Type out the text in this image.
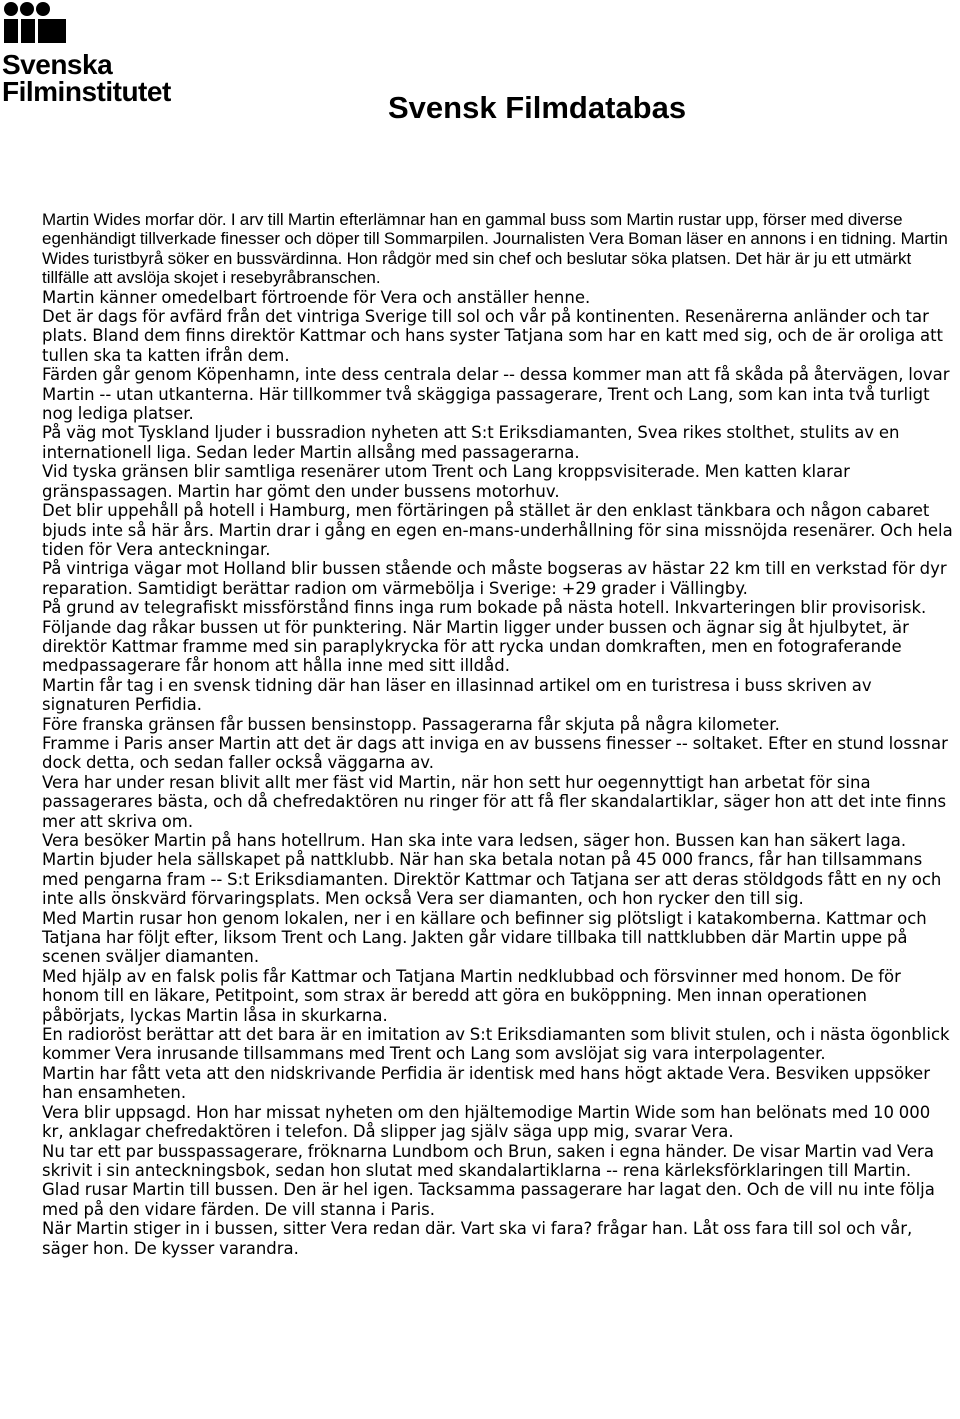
Svenska
Filminstitutet	Svensk Filmdatabas

Martin Wides morfar dör. I arv till Martin efterlämnar han en gammal buss som Martin rustar upp, förser med diverse egenhändigt tillverkade finesser och döper till Sommarpilen. Journalisten Vera Boman läser en annons i en tidning. Martin Wides turistbyrå söker en bussvärdinna. Hon rådgör med sin chef och beslutar söka platsen. Det här är ju ett utmärkt tillfälle att avslöja skojet i resebyråbranschen.

Martin känner omedelbart förtroende för Vera och anställer henne.

Det är dags för avfärd från det vintriga Sverige till sol och vår på kontinenten. Resenärerna anländer och tar plats. Bland dem finns direktör Kattmar och hans syster Tatjana som har en katt med sig, och de är oroliga att tullen ska ta katten ifrån dem.

Färden går genom Köpenhamn, inte dess centrala delar -- dessa kommer man att få skåda på återvägen, lovar Martin -- utan utkanterna. Här tillkommer två skäggiga passagerare, Trent och Lang, som kan inta två turligt nog lediga platser.

På väg mot Tyskland ljuder i bussradion nyheten att S:t Eriksdiamanten, Svea rikes stolthet, stulits av en internationell liga. Sedan leder Martin allsång med passagerarna.

Vid tyska gränsen blir samtliga resenärer utom Trent och Lang kroppsvisiterade. Men katten klarar gränspassagen. Martin har gömt den under bussens motorhuv.

Det blir uppehåll på hotell i Hamburg, men förtäringen på stället är den enklast tänkbara och någon cabaret bjuds inte så här års. Martin drar i gång en egen en-mans-underhållning för sina missnöjda resenärer. Och hela tiden för Vera anteckningar.

På vintriga vägar mot Holland blir bussen stående och måste bogseras av hästar 22 km till en verkstad för dyr reparation. Samtidigt berättar radion om värmebölja i Sverige: +29 grader i Vällingby.

På grund av telegrafiskt missförstånd finns inga rum bokade på nästa hotell. Inkvarteringen blir provisorisk.

Följande dag råkar bussen ut för punktering. När Martin ligger under bussen och ägnar sig åt hjulbytet, är direktör Kattmar framme med sin paraplykrycka för att rycka undan domkraften, men en fotograferande medpassagerare får honom att hålla inne med sitt illdåd.

Martin får tag i en svensk tidning där han läser en illasinnad artikel om en turistresa i buss skriven av signaturen Perfidia.

Före franska gränsen får bussen bensinstopp. Passagerarna får skjuta på några kilometer.

Framme i Paris anser Martin att det är dags att inviga en av bussens finesser -- soltaket. Efter en stund lossnar dock detta, och sedan faller också väggarna av.

Vera har under resan blivit allt mer fäst vid Martin, när hon sett hur oegennyttigt han arbetat för sina passagerares bästa, och då chefredaktören nu ringer för att få fler skandalartiklar, säger hon att det inte finns mer att skriva om.

Vera besöker Martin på hans hotellrum. Han ska inte vara ledsen, säger hon. Bussen kan han säkert laga.

Martin bjuder hela sällskapet på nattklubb. När han ska betala notan på 45 000 francs, får han tillsammans med pengarna fram -- S:t Eriksdiamanten. Direktör Kattmar och Tatjana ser att deras stöldgods fått en ny och inte alls önskvärd förvaringsplats. Men också Vera ser diamanten, och hon rycker den till sig.

Med Martin rusar hon genom lokalen, ner i en källare och befinner sig plötsligt i katakomberna. Kattmar och Tatjana har följt efter, liksom Trent och Lang. Jakten går vidare tillbaka till nattklubben där Martin uppe på scenen sväljer diamanten.

Med hjälp av en falsk polis får Kattmar och Tatjana Martin nedklubbad och försvinner med honom. De för honom till en läkare, Petitpoint, som strax är beredd att göra en buköppning. Men innan operationen påbörjats, lyckas Martin låsa in skurkarna.

En radioröst berättar att det bara är en imitation av S:t Eriksdiamanten som blivit stulen, och i nästa ögonblick kommer Vera inrusande tillsammans med Trent och Lang som avslöjat sig vara interpolagenter.

Martin har fått veta att den nidskrivande Perfidia är identisk med hans högt aktade Vera. Besviken uppsöker han ensamheten.

Vera blir uppsagd. Hon har missat nyheten om den hjältemodige Martin Wide som han belönats med 10 000 kr, anklagar chefredaktören i telefon. Då slipper jag själv säga upp mig, svarar Vera.

Nu tar ett par busspassagerare, fröknarna Lundbom och Brun, saken i egna händer. De visar Martin vad Vera skrivit i sin anteckningsbok, sedan hon slutat med skandalartiklarna -- rena kärleksförklaringen till Martin.

Glad rusar Martin till bussen. Den är hel igen. Tacksamma passagerare har lagat den. Och de vill nu inte följa med på den vidare färden. De vill stanna i Paris.

När Martin stiger in i bussen, sitter Vera redan där. Vart ska vi fara? frågar han. Låt oss fara till sol och vår, säger hon. De kysser varandra.
